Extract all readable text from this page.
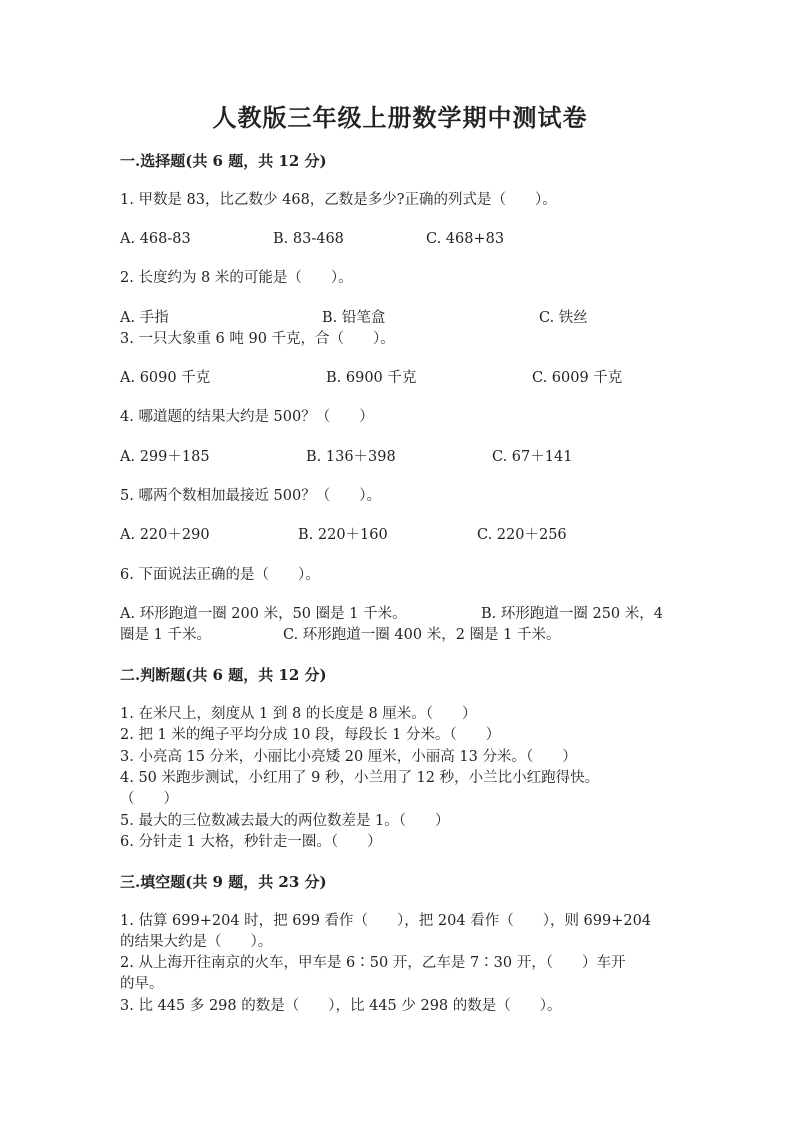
人教版三年级上册数学期中测试卷
一.选择题(共 6 题，共 12 分)
1. 甲数是 83，比乙数少 468，乙数是多少?正确的列式是（　　）。
A. 468-83	B. 83-468	C. 468+83
2. 长度约为 8 米的可能是（　　）。
A. 手指	B. 铅笔盒	C. 铁丝
3. 一只大象重 6 吨 90 千克，合（　　）。
A. 6090 千克	B. 6900 千克	C. 6009 千克
4. 哪道题的结果大约是 500？（　　）
A. 299＋185	B. 136＋398	C. 67＋141
5. 哪两个数相加最接近 500？（　　）。
A. 220＋290	B. 220＋160	C. 220＋256
6. 下面说法正确的是（　　）。
A. 环形跑道一圈 200 米，50 圈是 1 千米。	B. 环形跑道一圈 250 米，4
圈是 1 千米。	C. 环形跑道一圈 400 米，2 圈是 1 千米。
二.判断题(共 6 题，共 12 分)
1. 在米尺上，刻度从 1 到 8 的长度是 8 厘米。（　　）
2. 把 1 米的绳子平均分成 10 段，每段长 1 分米。（　　）
3. 小亮高 15 分米，小丽比小亮矮 20 厘米，小丽高 13 分米。（　　）
4. 50 米跑步测试，小红用了 9 秒，小兰用了 12 秒，小兰比小红跑得快。
（　　）
5. 最大的三位数减去最大的两位数差是 1。（　　）
6. 分针走 1 大格，秒针走一圈。（　　）
三.填空题(共 9 题，共 23 分)
1. 估算 699+204 时，把 699 看作（　　），把 204 看作（　　），则 699+204
的结果大约是（　　）。
2. 从上海开往南京的火车，甲车是 6∶50 开，乙车是 7∶30 开，（　　）车开
的早。
3. 比 445 多 298 的数是（　　），比 445 少 298 的数是（　　）。
